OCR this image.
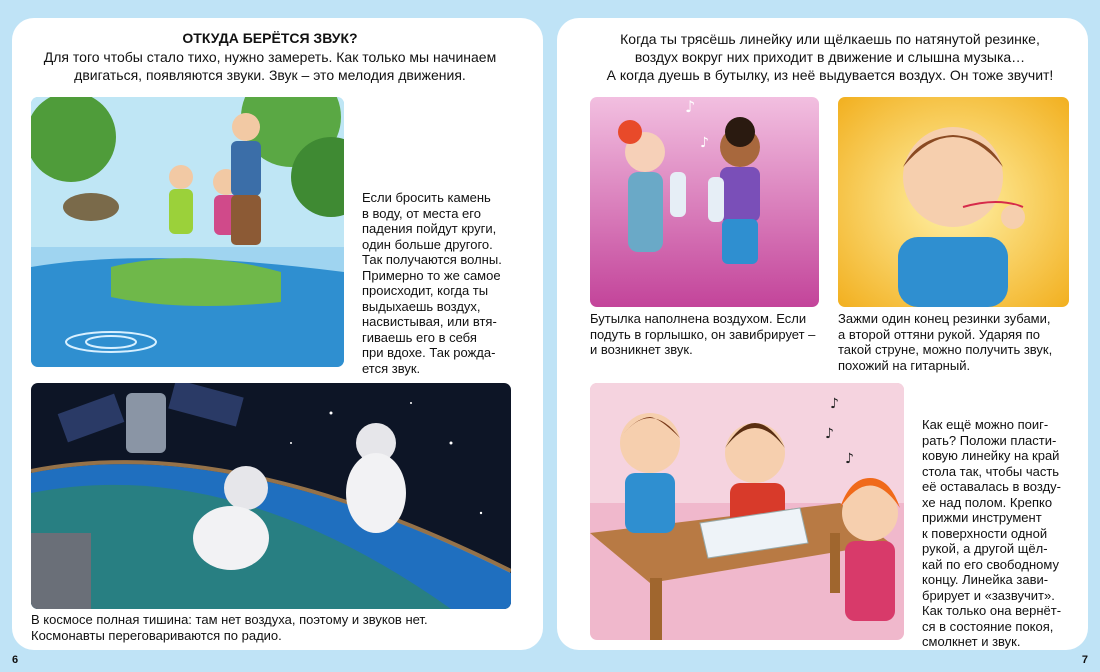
ОТКУДА БЕРЁТСЯ ЗВУК?
Для того чтобы стало тихо, нужно замереть. Как только мы начинаем
двигаться, появляются звуки. Звук – это мелодия движения.
Если бросить камень
в воду, от места его
падения пойдут круги,
один больше другого.
Так получаются волны.
Примерно то же самое
происходит, когда ты
выдыхаешь воздух,
насвистывая, или втя-
гиваешь его в себя
при вдохе. Так рожда-
ется звук.
В космосе полная тишина: там нет воздуха, поэтому и звуков нет.
Космонавты переговариваются по радио.
6
Когда ты трясёшь линейку или щёлкаешь по натянутой резинке,
воздух вокруг них приходит в движение и слышна музыка…
А когда дуешь в бутылку, из неё выдувается воздух. Он тоже звучит!
♪
♪
Бутылка наполнена воздухом. Если
подуть в горлышко, он завибрирует –
и возникнет звук.
Зажми один конец резинки зубами,
а второй оттяни рукой. Ударяя по
такой струне, можно получить звук,
похожий на гитарный.
♪
♪
♪
Как ещё можно поиг-
рать? Положи пласти-
ковую линейку на край
стола так, чтобы часть
её оставалась в возду-
хе над полом. Крепко
прижми инструмент
к поверхности одной
рукой, а другой щёл-
кай по его свободному
концу. Линейка зави-
брирует и «зазвучит».
Как только она вернёт-
ся в состояние покоя,
смолкнет и звук.
7
